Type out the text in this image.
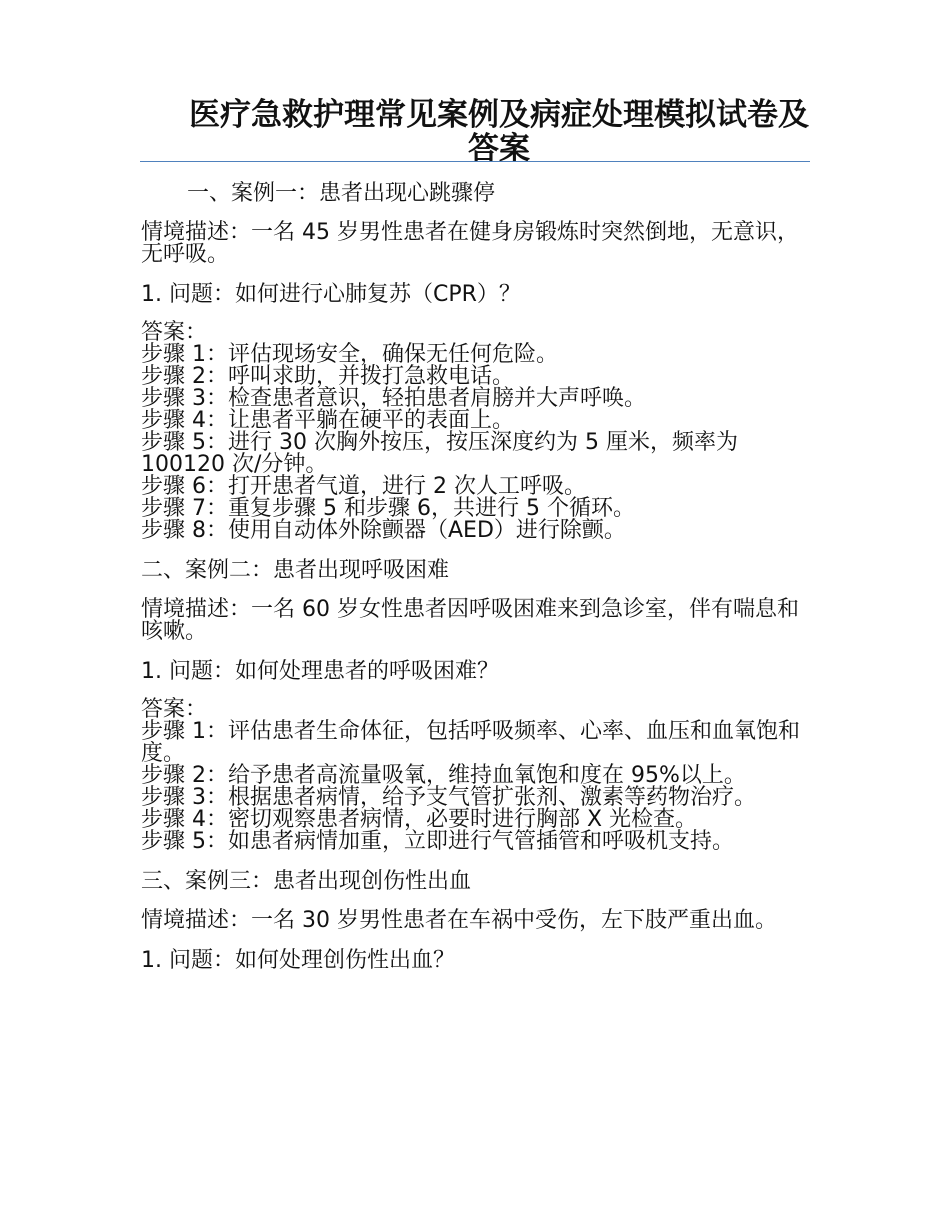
医疗急救护理常见案例及病症处理模拟试卷及答案
一、案例一：患者出现心跳骤停
情境描述：一名 45 岁男性患者在健身房锻炼时突然倒地，无意识，无呼吸。
1. 问题：如何进行心肺复苏（CPR）？
答案：
步骤 1：评估现场安全，确保无任何危险。
步骤 2：呼叫求助，并拨打急救电话。
步骤 3：检查患者意识，轻拍患者肩膀并大声呼唤。
步骤 4：让患者平躺在硬平的表面上。
步骤 5：进行 30 次胸外按压，按压深度约为 5 厘米，频率为 100120 次/分钟。
步骤 6：打开患者气道，进行 2 次人工呼吸。
步骤 7：重复步骤 5 和步骤 6，共进行 5 个循环。
步骤 8：使用自动体外除颤器（AED）进行除颤。
二、案例二：患者出现呼吸困难
情境描述：一名 60 岁女性患者因呼吸困难来到急诊室，伴有喘息和咳嗽。
1. 问题：如何处理患者的呼吸困难？
答案：
步骤 1：评估患者生命体征，包括呼吸频率、心率、血压和血氧饱和度。
步骤 2：给予患者高流量吸氧，维持血氧饱和度在 95%以上。
步骤 3：根据患者病情，给予支气管扩张剂、激素等药物治疗。
步骤 4：密切观察患者病情，必要时进行胸部 X 光检查。
步骤 5：如患者病情加重，立即进行气管插管和呼吸机支持。
三、案例三：患者出现创伤性出血
情境描述：一名 30 岁男性患者在车祸中受伤，左下肢严重出血。
1. 问题：如何处理创伤性出血？
